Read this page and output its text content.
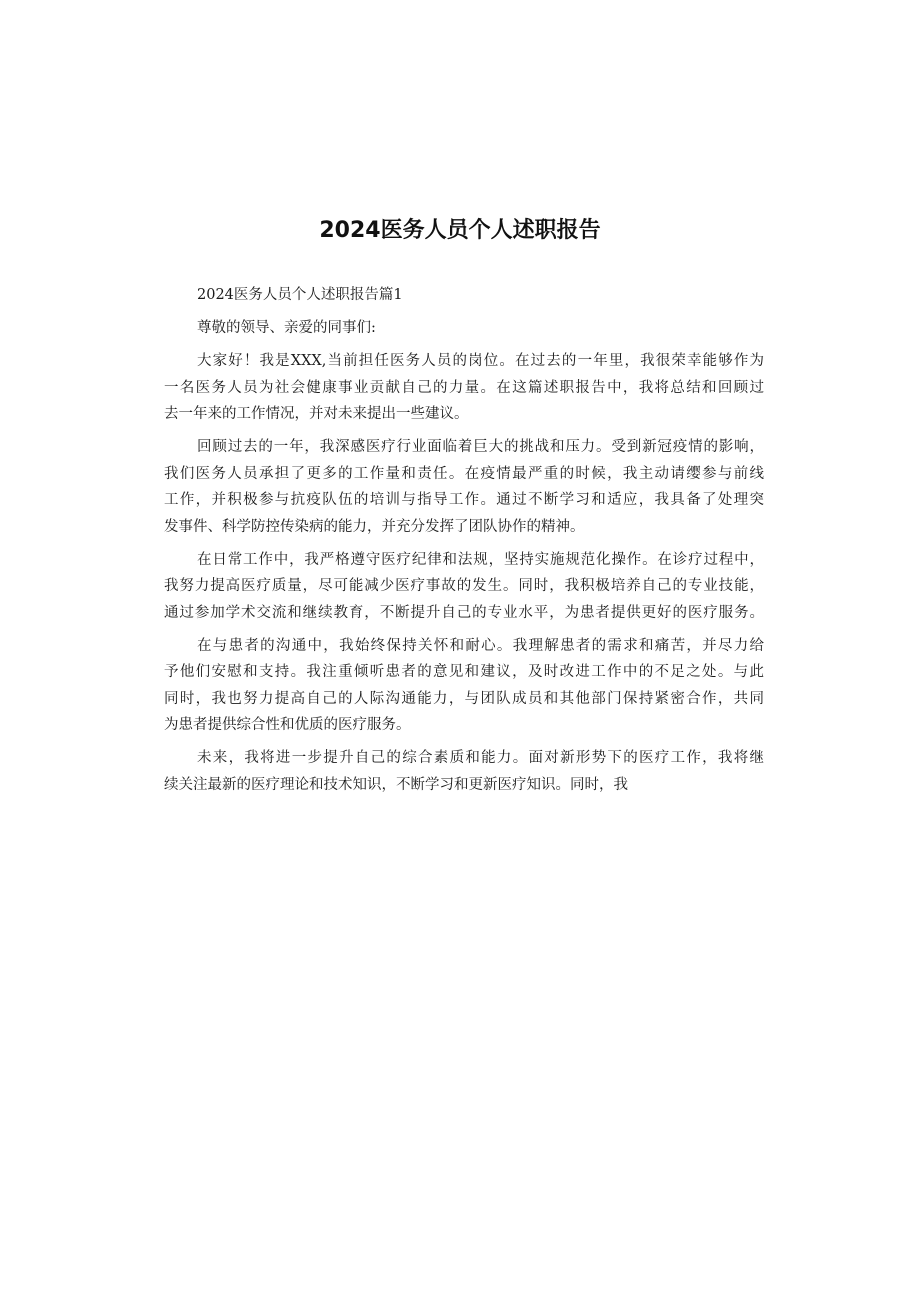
2024医务人员个人述职报告
2024医务人员个人述职报告篇1
尊敬的领导、亲爱的同事们:
大家好！我是XXX,当前担任医务人员的岗位。在过去的一年里，我很荣幸能够作为
一名医务人员为社会健康事业贡献自己的力量。在这篇述职报告中，我将总结和回顾过
去一年来的工作情况，并对未来提出一些建议。
回顾过去的一年，我深感医疗行业面临着巨大的挑战和压力。受到新冠疫情的影响，
我们医务人员承担了更多的工作量和责任。在疫情最严重的时候，我主动请缨参与前线
工作，并积极参与抗疫队伍的培训与指导工作。通过不断学习和适应，我具备了处理突
发事件、科学防控传染病的能力，并充分发挥了团队协作的精神。
在日常工作中，我严格遵守医疗纪律和法规，坚持实施规范化操作。在诊疗过程中，
我努力提高医疗质量，尽可能减少医疗事故的发生。同时，我积极培养自己的专业技能，
通过参加学术交流和继续教育，不断提升自己的专业水平，为患者提供更好的医疗服务。
在与患者的沟通中，我始终保持关怀和耐心。我理解患者的需求和痛苦，并尽力给
予他们安慰和支持。我注重倾听患者的意见和建议，及时改进工作中的不足之处。与此
同时，我也努力提高自己的人际沟通能力，与团队成员和其他部门保持紧密合作，共同
为患者提供综合性和优质的医疗服务。
未来，我将进一步提升自己的综合素质和能力。面对新形势下的医疗工作，我将继
续关注最新的医疗理论和技术知识，不断学习和更新医疗知识。同时，我
